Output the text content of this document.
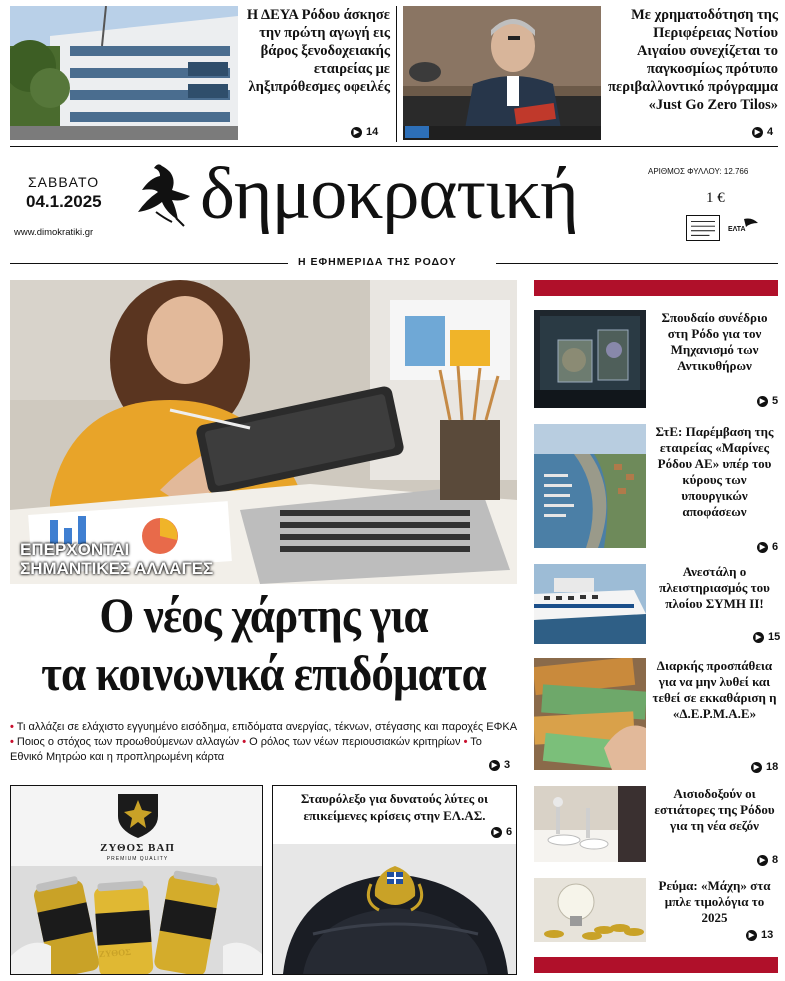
Η ΔΕΥΑ Ρόδου άσκησε την πρώτη αγωγή εις βάρος ξενοδοχειακής εταιρείας με ληξιπρόθεσμες οφειλές
▶ 14
Με χρηματοδότηση της Περιφέρειας Νοτίου Αιγαίου συνεχίζεται το παγκοσμίως πρότυπο περιβαλλοντικό πρόγραμμα «Just Go Zero Tilos»
▶ 4
ΣΑΒΒΑΤΟ
04.1.2025
www.dimokratiki.gr δημοκρατική	ΑΡΙΘΜΟΣ ΦΥΛΛΟΥ: 12.766
1 €
ΕΛΤΑ
Η ΕΦΗΜΕΡΙΔΑ ΤΗΣ ΡΟΔΟΥ
ΕΠΕΡΧΟΝΤΑΙ
ΣΗΜΑΝΤΙΚΕΣ ΑΛΛΑΓΕΣ
Ο νέος χάρτης για
τα κοινωνικά επιδόματα
• Τι αλλάζει σε ελάχιστο εγγυημένο εισόδημα, επιδόματα ανεργίας, τέκνων, στέγασης και παροχές ΕΦΚΑ • Ποιος ο στόχος των προωθούμενων αλλαγών • Ο ρόλος των νέων περιουσιακών κριτηρίων • Το Εθνικό Μητρώο και η προπληρωμένη κάρτα
▶ 3
ΖΥΘΟΣ ΒΑΠ
PREMIUM QUALITY
ΖΥΘΟΣ
Σταυρόλεξο για δυνατούς λύτες οι επικείμενες κρίσεις στην ΕΛ.ΑΣ.
▶ 6
Σπουδαίο συνέδριο στη Ρόδο για τον Μηχανισμό των Αντικυθήρων
▶ 5
ΣτΕ: Παρέμβαση της εταιρείας «Μαρίνες Ρόδου ΑΕ» υπέρ του κύρους των υπουργικών αποφάσεων
▶ 6
Ανεστάλη ο πλειστηριασμός του πλοίου ΣΥΜΗ ΙΙ!
▶ 15
Διαρκής προσπάθεια για να μην λυθεί και τεθεί σε εκκαθάριση η «Δ.Ε.Ρ.Μ.Α.Ε»
▶ 18
Αισιοδοξούν οι εστιάτορες της Ρόδου για τη νέα σεζόν
▶ 8
Ρεύμα: «Μάχη» στα μπλε τιμολόγια το 2025
▶ 13
